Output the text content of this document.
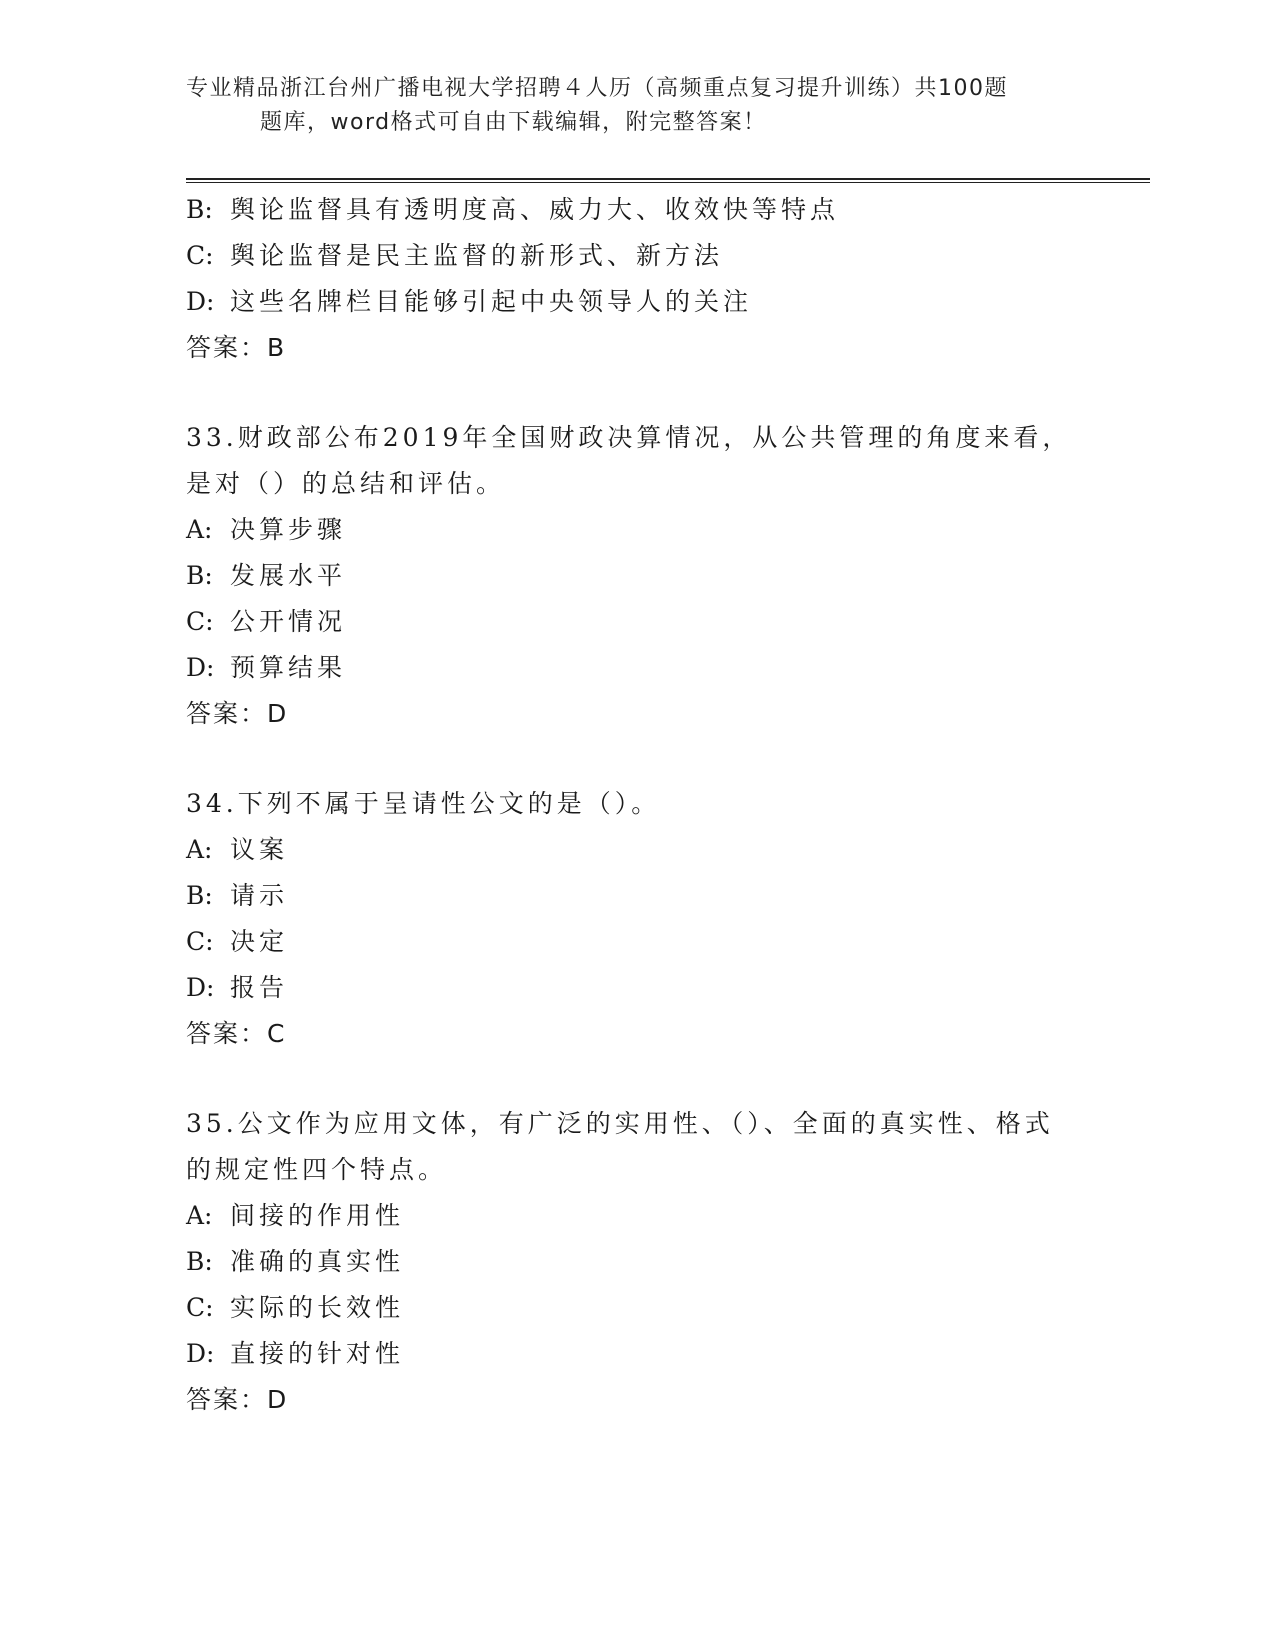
专业精品浙江台州广播电视大学招聘４人历（高频重点复习提升训练）共100题
题库，word格式可自由下载编辑，附完整答案！
B: 舆论监督具有透明度高、威力大、收效快等特点
C: 舆论监督是民主监督的新形式、新方法
D: 这些名牌栏目能够引起中央领导人的关注
答案：B
33.财政部公布2019年全国财政决算情况，从公共管理的角度来看，
是对（）的总结和评估。
A: 决算步骤
B: 发展水平
C: 公开情况
D: 预算结果
答案：D
34.下列不属于呈请性公文的是（）。
A: 议案
B: 请示
C: 决定
D: 报告
答案：C
35.公文作为应用文体，有广泛的实用性、（）、全面的真实性、格式
的规定性四个特点。
A: 间接的作用性
B: 准确的真实性
C: 实际的长效性
D: 直接的针对性
答案：D
